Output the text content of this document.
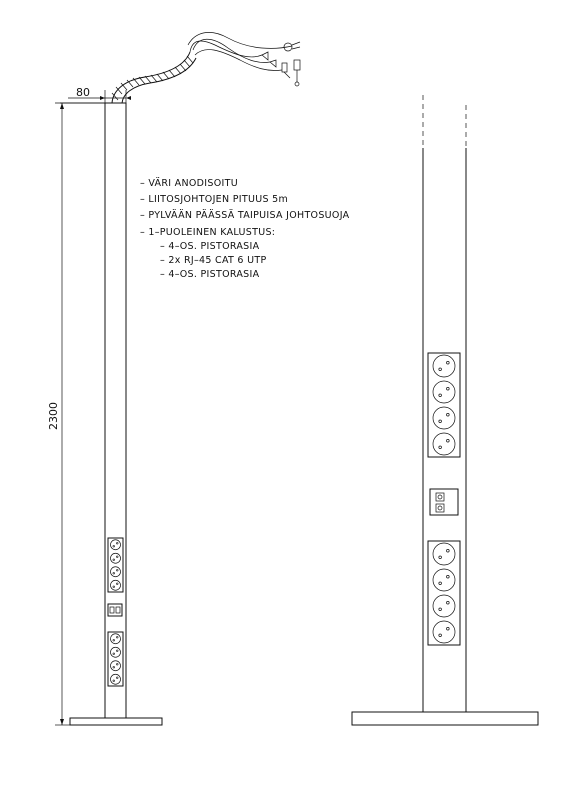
80
2300
– VÄRI ANODISOITU
– LIITOSJOHTOJEN PITUUS 5m
– PYLVÄÄN PÄÄSSÄ TAIPUISA JOHTOSUOJA
– 1–PUOLEINEN KALUSTUS:
– 4–OS. PISTORASIA
– 2x RJ–45 CAT 6 UTP
– 4–OS. PISTORASIA
